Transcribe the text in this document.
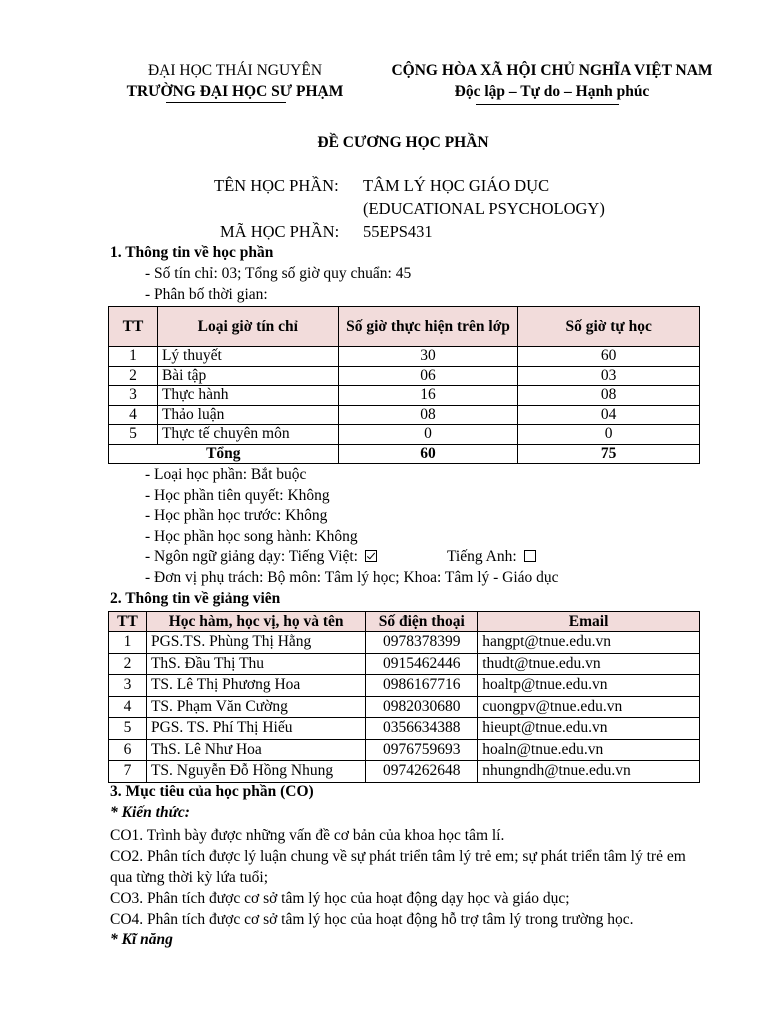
ĐẠI HỌC THÁI NGUYÊN
TRƯỜNG ĐẠI HỌC SƯ PHẠM
CỘNG HÒA XÃ HỘI CHỦ NGHĨA VIỆT NAM
Độc lập – Tự do – Hạnh phúc
ĐỀ CƯƠNG HỌC PHẦN
TÊN HỌC PHẦN: TÂM LÝ HỌC GIÁO DỤC
(EDUCATIONAL PSYCHOLOGY)
MÃ HỌC PHẦN: 55EPS431
1. Thông tin về học phần
- Số tín chỉ: 03; Tổng số giờ quy chuẩn: 45
- Phân bố thời gian:
TT	Loại giờ tín chỉ	Số giờ thực hiện trên lớp	Số giờ tự học
1	Lý thuyết	30	60
2	Bài tập	06	03
3	Thực hành	16	08
4	Thảo luận	08	04
5	Thực tế chuyên môn	0	0
Tổng		60	75
- Loại học phần: Bắt buộc
- Học phần tiên quyết: Không
- Học phần học trước: Không
- Học phần học song hành: Không
- Ngôn ngữ giảng dạy: Tiếng Việt:	Tiếng Anh:
- Đơn vị phụ trách: Bộ môn: Tâm lý học; Khoa: Tâm lý - Giáo dục
2. Thông tin về giảng viên
TT	Học hàm, học vị, họ và tên	Số điện thoại	Email
1	PGS.TS. Phùng Thị Hằng	0978378399	hangpt@tnue.edu.vn
2	ThS. Đầu Thị Thu	0915462446	thudt@tnue.edu.vn
3	TS. Lê Thị Phương Hoa	0986167716	hoaltp@tnue.edu.vn
4	TS. Phạm Văn Cường	0982030680	cuongpv@tnue.edu.vn
5	PGS. TS. Phí Thị Hiếu	0356634388	hieupt@tnue.edu.vn
6	ThS. Lê Như Hoa	0976759693	hoaln@tnue.edu.vn
7	TS. Nguyễn Đỗ Hồng Nhung	0974262648	nhungndh@tnue.edu.vn
3. Mục tiêu của học phần (CO)
* Kiến thức:
CO1. Trình bày được những vấn đề cơ bản của khoa học tâm lí.
CO2. Phân tích được lý luận chung về sự phát triển tâm lý trẻ em; sự phát triển tâm lý trẻ em qua từng thời kỳ lứa tuổi;
CO3. Phân tích được cơ sở tâm lý học của hoạt động dạy học và giáo dục;
CO4. Phân tích được cơ sở tâm lý học của hoạt động hỗ trợ tâm lý trong trường học.
* Kĩ năng
